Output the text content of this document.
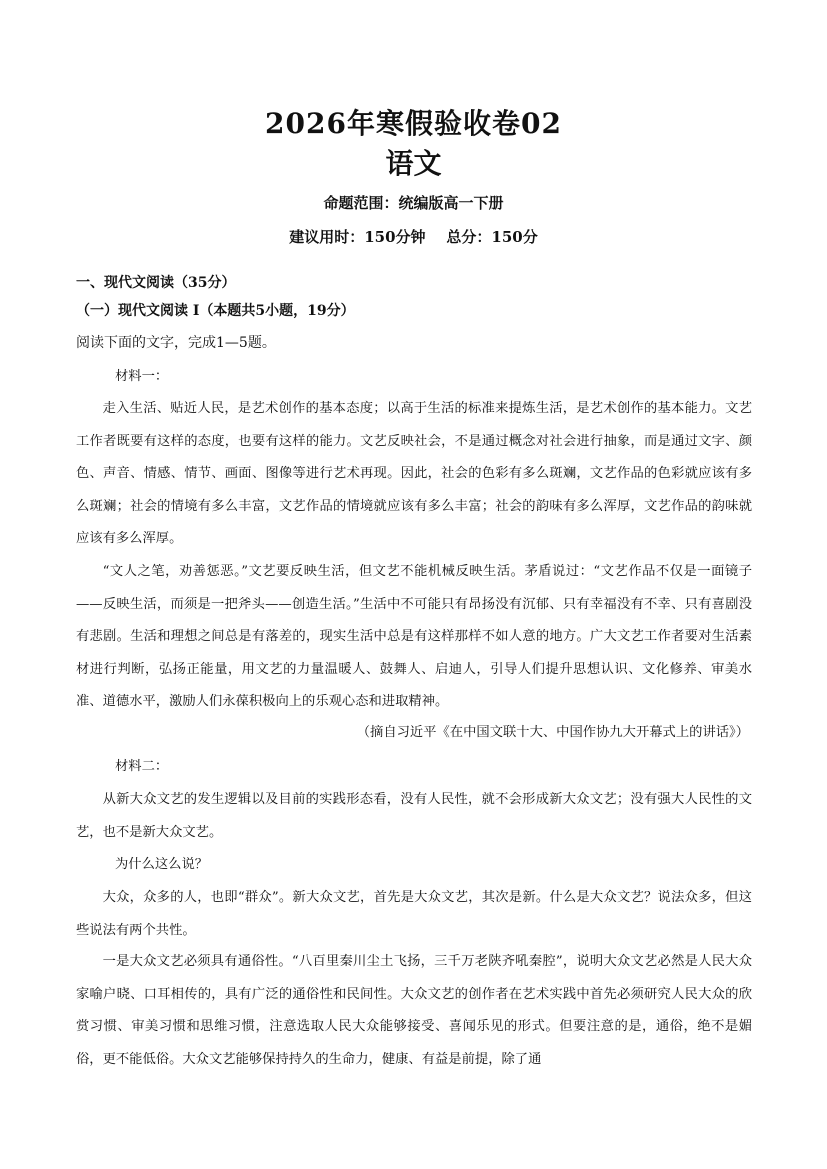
2026年寒假验收卷02
语文
命题范围：统编版高一下册
建议用时：150分钟    总分：150分
一、现代文阅读（35分）
（一）现代文阅读 I（本题共5小题，19分）
阅读下面的文字，完成1—5题。
材料一：

走入生活、贴近人民，是艺术创作的基本态度；以高于生活的标准来提炼生活，是艺术创作的基本能力。文艺工作者既要有这样的态度，也要有这样的能力。文艺反映社会，不是通过概念对社会进行抽象，而是通过文字、颜色、声音、情感、情节、画面、图像等进行艺术再现。因此，社会的色彩有多么斑斓，文艺作品的色彩就应该有多么斑斓；社会的情境有多么丰富，文艺作品的情境就应该有多么丰富；社会的韵味有多么浑厚，文艺作品的韵味就应该有多么浑厚。

“文人之笔，劝善惩恶。”文艺要反映生活，但文艺不能机械反映生活。茅盾说过：“文艺作品不仅是一面镜子——反映生活，而须是一把斧头——创造生活。”生活中不可能只有昂扬没有沉郁、只有幸福没有不幸、只有喜剧没有悲剧。生活和理想之间总是有落差的，现实生活中总是有这样那样不如人意的地方。广大文艺工作者要对生活素材进行判断，弘扬正能量，用文艺的力量温暖人、鼓舞人、启迪人，引导人们提升思想认识、文化修养、审美水准、道德水平，激励人们永葆积极向上的乐观心态和进取精神。

（摘自习近平《在中国文联十大、中国作协九大开幕式上的讲话》）
材料二：

从新大众文艺的发生逻辑以及目前的实践形态看，没有人民性，就不会形成新大众文艺；没有强大人民性的文艺，也不是新大众文艺。

为什么这么说？

大众，众多的人，也即“群众”。新大众文艺，首先是大众文艺，其次是新。什么是大众文艺？说法众多，但这些说法有两个共性。

一是大众文艺必须具有通俗性。“八百里秦川尘土飞扬，三千万老陕齐吼秦腔”，说明大众文艺必然是人民大众家喻户晓、口耳相传的，具有广泛的通俗性和民间性。大众文艺的创作者在艺术实践中首先必须研究人民大众的欣赏习惯、审美习惯和思维习惯，注意选取人民大众能够接受、喜闻乐见的形式。但要注意的是，通俗，绝不是媚俗，更不能低俗。大众文艺能够保持持久的生命力，健康、有益是前提，除了通
